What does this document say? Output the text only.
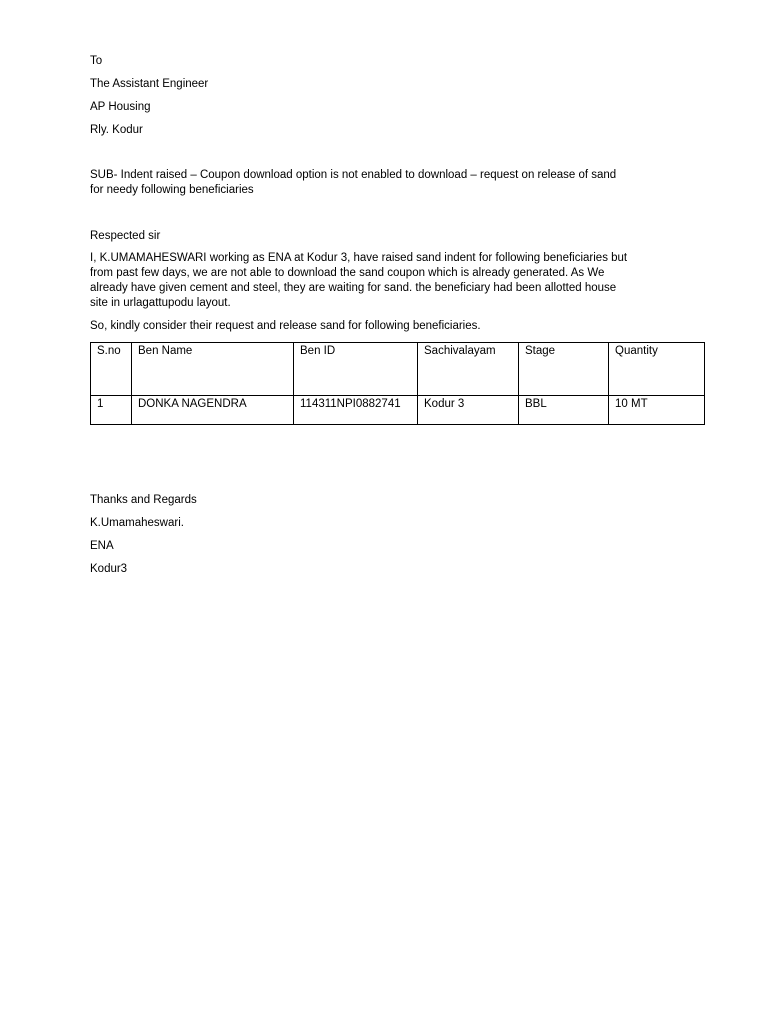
To
The Assistant Engineer
AP Housing
Rly. Kodur
SUB- Indent raised – Coupon download option is not enabled to download – request on release of sand
for needy following beneficiaries
Respected sir
I, K.UMAMAHESWARI working as ENA at Kodur 3, have raised sand indent for following beneficiaries but
from past few days, we are not able to download the sand coupon which is already generated. As We
already have given cement and steel, they are waiting for sand. the beneficiary had been allotted house
site in urlagattupodu layout.
So, kindly consider their request and release sand for following beneficiaries.
S.no	Ben Name	Ben ID	Sachivalayam	Stage	Quantity
1	DONKA NAGENDRA	114311NPI0882741	Kodur 3	BBL	10 MT
Thanks and Regards
K.Umamaheswari.
ENA
Kodur3
